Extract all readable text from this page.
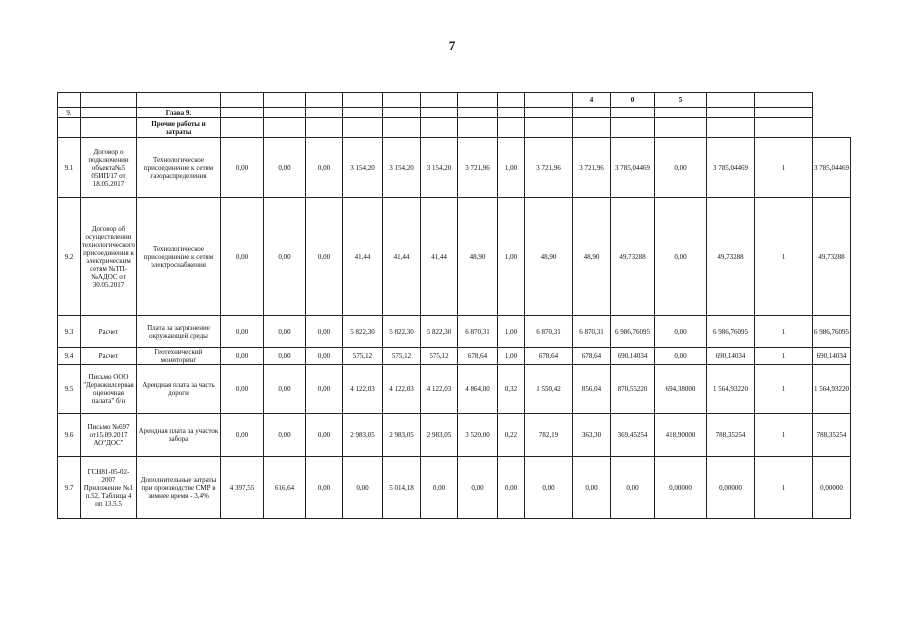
7
												4	0	5			
9.		Глава 9.															
		Прочие работы и затраты															
9.1	Договор о подключении объекта№5 05ИП/17 от 18.05.2017	Технологическое присоединение к сетям газораспределения	0,00	0,00	0,00	3 154,20	3 154,20	3 154,20	3 721,96	1,00	3 721,96	3 721,96	3 785,04469	0,00	3 785,04469	1	3 785,04469
9.2	Договор об осуществлении технологического присоединения к электрическим сетям №ТП-№АДОС от 30.05.2017	Технологическое присоединение к сетям электроснабжения	0,00	0,00	0,00	41,44	41,44	41,44	48,90	1,00	48,90	48,90	49,73288	0,00	49,73288	1	49,73288
9.3	Расчет	Плата за загрязнение окружающей среды	0,00	0,00	0,00	5 822,30	5 822,30	5 822,30	6 870,31	1,00	6 870,31	6 870,31	6 986,76095	0,00	6 986,76095	1	6 986,76095
9.4	Расчет	Геотехнический мониторинг	0,00	0,00	0,00	575,12	575,12	575,12	678,64	1,00	678,64	678,64	690,14034	0,00	690,14034	1	690,14034
9.5	Письмо ООО "Держжилсервая оценочная палата" б/н	Арендная плата за часть дороги	0,00	0,00	0,00	4 122,03	4 122,03	4 122,03	4 864,00	0,32	1 550,42	856,04	870,55220	694,38000	1 564,93220	1	1 564,93220
9.6	Письмо №697 от15.09.2017 АО"ДОС"	Арендная плата за участок забора	0,00	0,00	0,00	2 983,05	2 983,05	2 983,05	3 520,00	0,22	782,19	363,30	369,45254	418,90000	788,35254	1	788,35254
9.7	ГСН81-05-02-2007 Приложение №1 п.52, Таблица 4 пп 13.5.5	Дополнительные затраты при производстве СМР в зимнее время - 3,4%	4 397,55	616,64	0,00	0,00	5 014,18	0,00	0,00	0,00	0,00	0,00	0,00	0,00000	0,00000	1	0,00000
